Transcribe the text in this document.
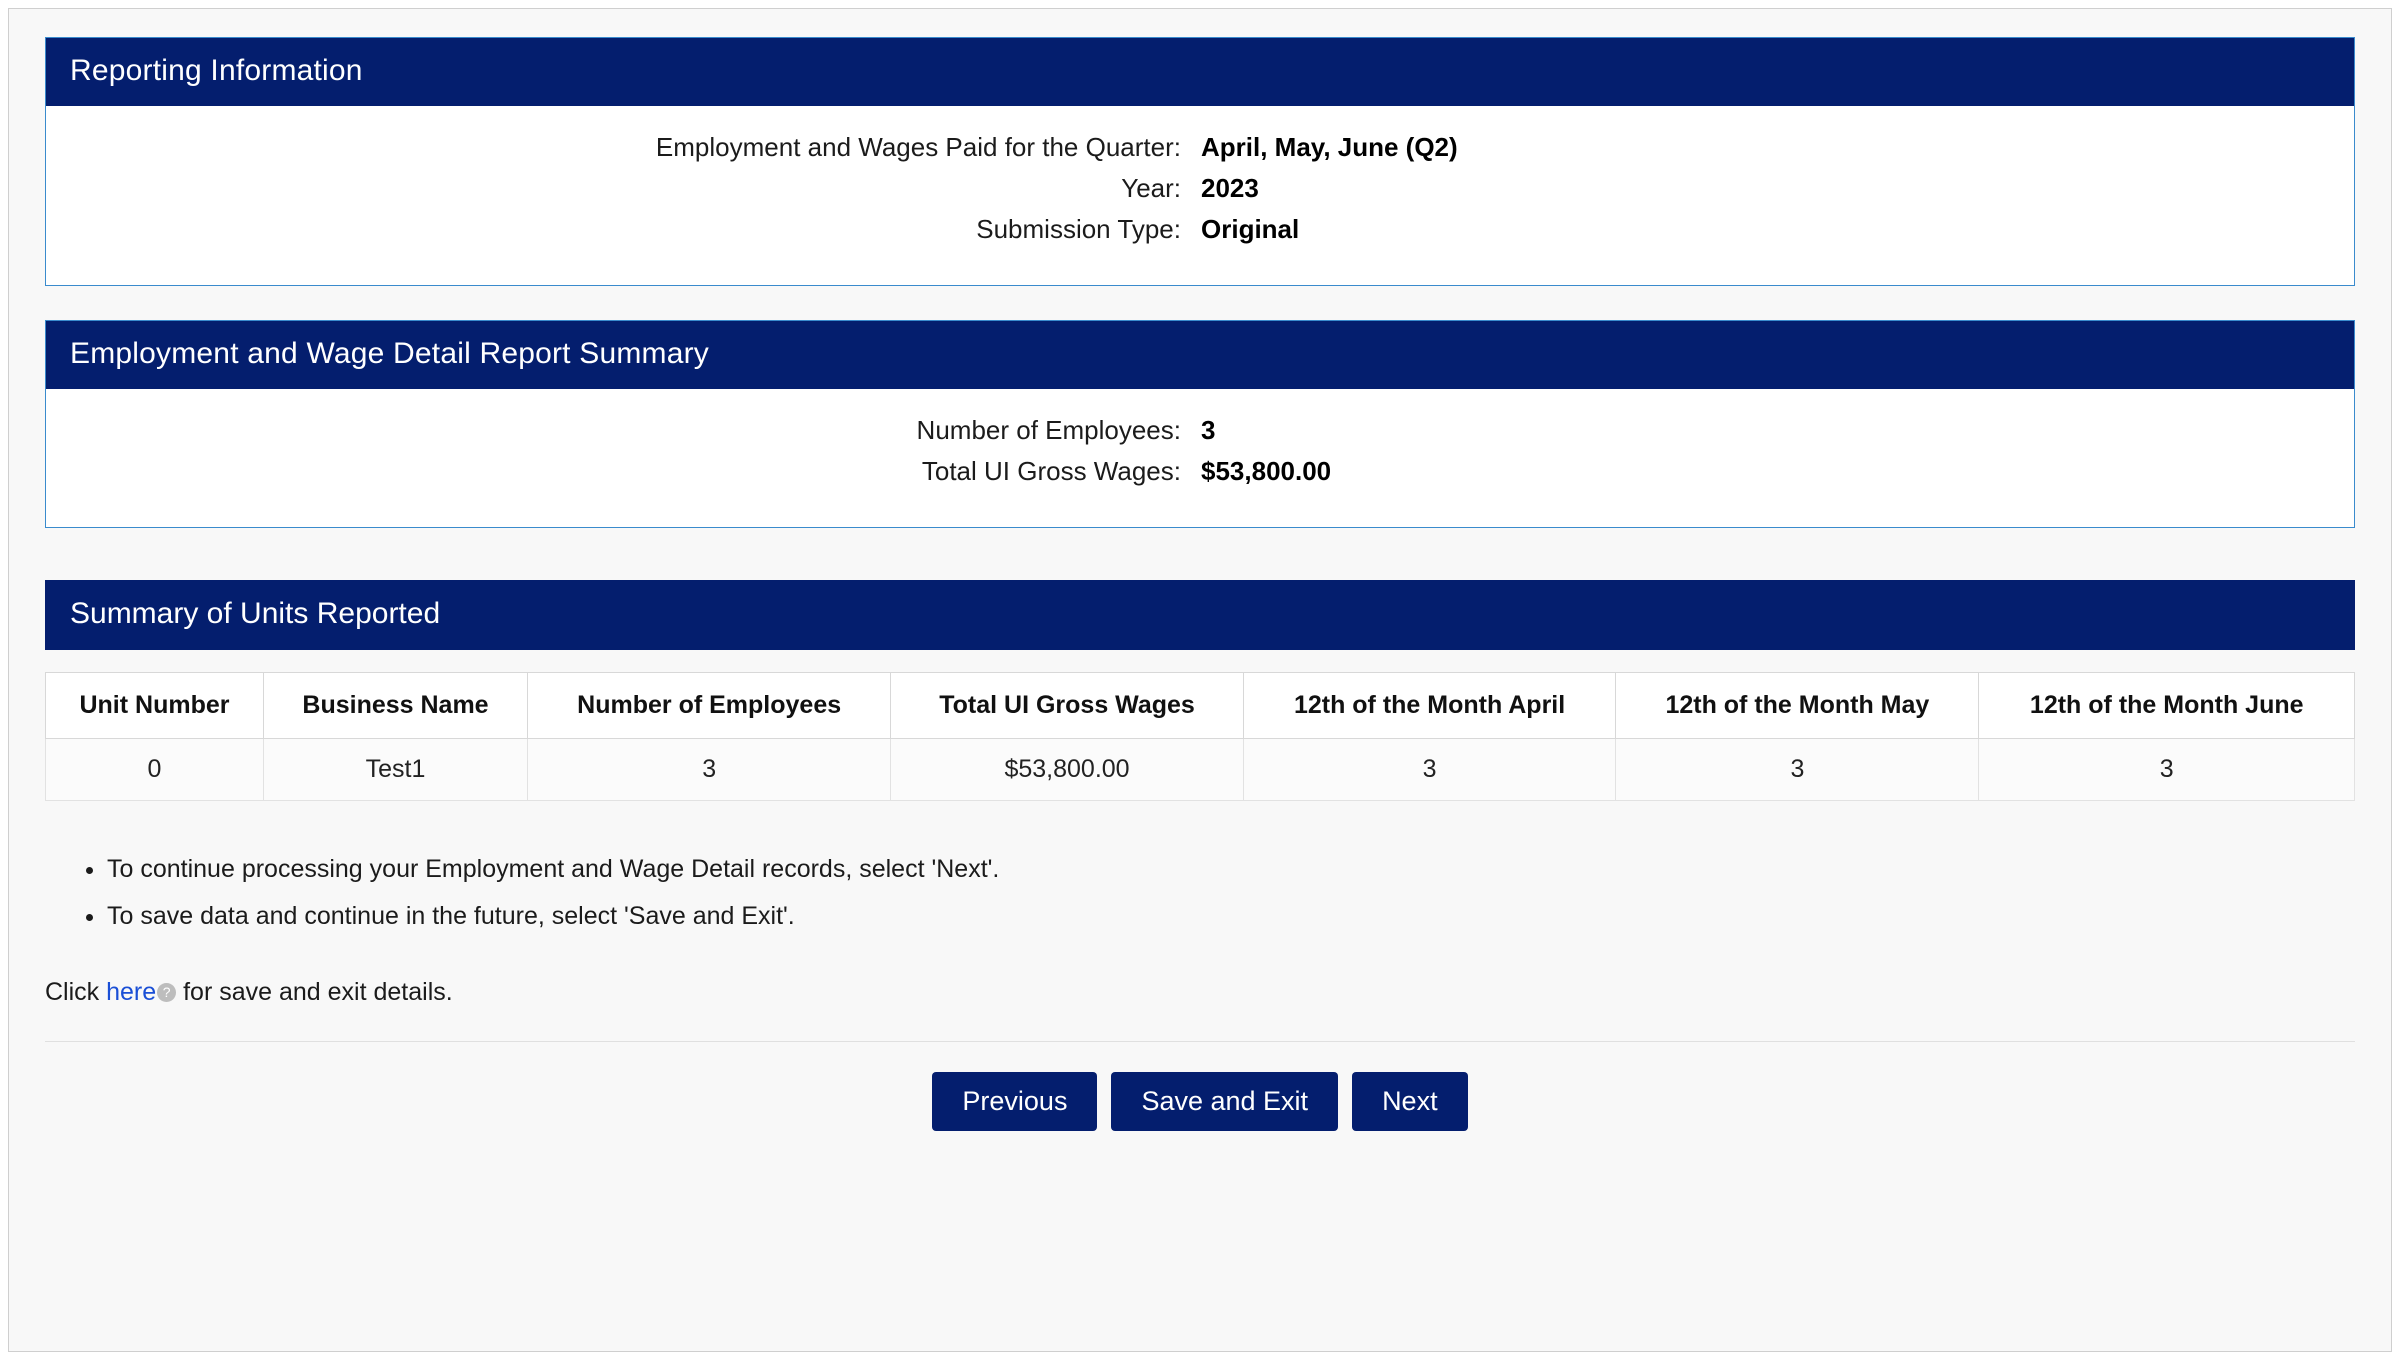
Reporting Information
Employment and Wages Paid for the Quarter: April, May, June (Q2)
Year: 2023
Submission Type: Original
Employment and Wage Detail Report Summary
Number of Employees: 3
Total UI Gross Wages: $53,800.00
Summary of Units Reported
Unit Number	Business Name	Number of Employees	Total UI Gross Wages	12th of the Month April	12th of the Month May	12th of the Month June
0	Test1	3	$53,800.00	3	3	3
• To continue processing your Employment and Wage Detail records, select 'Next'.
• To save data and continue in the future, select 'Save and Exit'.
Click here ? for save and exit details.
Previous	Save and Exit	Next
